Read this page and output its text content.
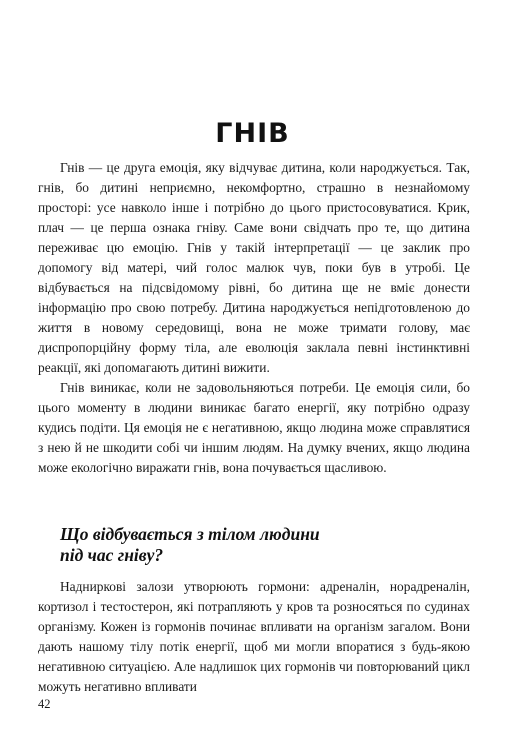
ГНІВ

Гнів — це друга емоція, яку відчуває дитина, коли народжується. Так, гнів, бо дитині неприємно, некомфортно, страшно в незнайомому просторі: усе навколо інше і потрібно до цього пристосовуватися. Крик, плач — це перша ознака гніву. Саме вони свідчать про те, що дитина переживає цю емоцію. Гнів у такій інтерпретації — це заклик про допомогу від матері, чий голос малюк чув, поки був в утробі. Це відбувається на підсвідомому рівні, бо дитина ще не вміє донести інформацію про свою потребу. Дитина народжується непідготовленою до життя в новому середовищі, вона не може тримати голову, має диспропорційну форму тіла, але еволюція заклала певні інстинктивні реакції, які допомагають дитині вижити.

Гнів виникає, коли не задовольняються потреби. Це емоція сили, бо цього моменту в людини виникає багато енергії, яку потрібно одразу кудись подіти. Ця емоція не є негативною, якщо людина може справлятися з нею й не шкодити собі чи іншим людям. На думку вчених, якщо людина може екологічно виражати гнів, вона почувається щасливою.

Що відбувається з тілом людини
під час гніву?

Надниркові залози утворюють гормони: адреналін, норадреналін, кортизол і тестостерон, які потрапляють у кров та розносяться по судинах організму. Кожен із гормонів починає впливати на організм загалом. Вони дають нашому тілу потік енергії, щоб ми могли впоратися з будь-якою негативною ситуацією. Але надлишок цих гормонів чи повторюваний цикл можуть негативно впливати

42
